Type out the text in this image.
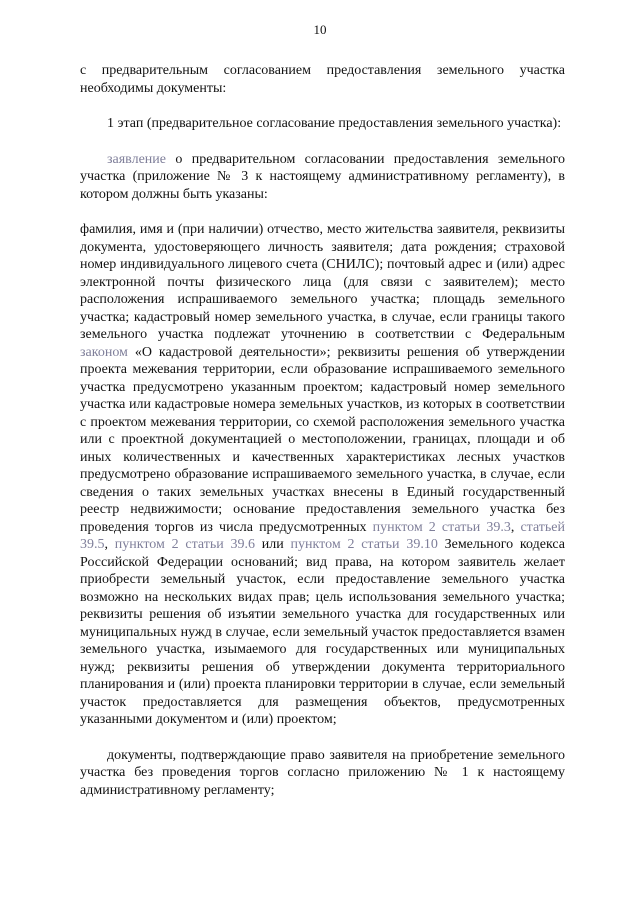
10

с предварительным согласованием предоставления земельного участка необходимы документы:

1 этап (предварительное согласование предоставления земельного участка):

заявление о предварительном согласовании предоставления земельного участка (приложение № 3 к настоящему административному регламенту), в котором должны быть указаны:

фамилия, имя и (при наличии) отчество, место жительства заявителя, реквизиты документа, удостоверяющего личность заявителя; дата рождения; страховой номер индивидуального лицевого счета (СНИЛС); почтовый адрес и (или) адрес электронной почты физического лица (для связи с заявителем); место расположения испрашиваемого земельного участка; площадь земельного участка; кадастровый номер земельного участка, в случае, если границы такого земельного участка подлежат уточнению в соответствии с Федеральным законом «О кадастровой деятельности»; реквизиты решения об утверждении проекта межевания территории, если образование испрашиваемого земельного участка предусмотрено указанным проектом; кадастровый номер земельного участка или кадастровые номера земельных участков, из которых в соответствии с проектом межевания территории, со схемой расположения земельного участка или с проектной документацией о местоположении, границах, площади и об иных количественных и качественных характеристиках лесных участков предусмотрено образование испрашиваемого земельного участка, в случае, если сведения о таких земельных участках внесены в Единый государственный реестр недвижимости; основание предоставления земельного участка без проведения торгов из числа предусмотренных пунктом 2 статьи 39.3, статьей 39.5, пунктом 2 статьи 39.6 или пунктом 2 статьи 39.10 Земельного кодекса Российской Федерации оснований; вид права, на котором заявитель желает приобрести земельный участок, если предоставление земельного участка возможно на нескольких видах прав; цель использования земельного участка; реквизиты решения об изъятии земельного участка для государственных или муниципальных нужд в случае, если земельный участок предоставляется взамен земельного участка, изымаемого для государственных или муниципальных нужд; реквизиты решения об утверждении документа территориального планирования и (или) проекта планировки территории в случае, если земельный участок предоставляется для размещения объектов, предусмотренных указанными документом и (или) проектом;

документы, подтверждающие право заявителя на приобретение земельного участка без проведения торгов согласно приложению № 1 к настоящему административному регламенту;
